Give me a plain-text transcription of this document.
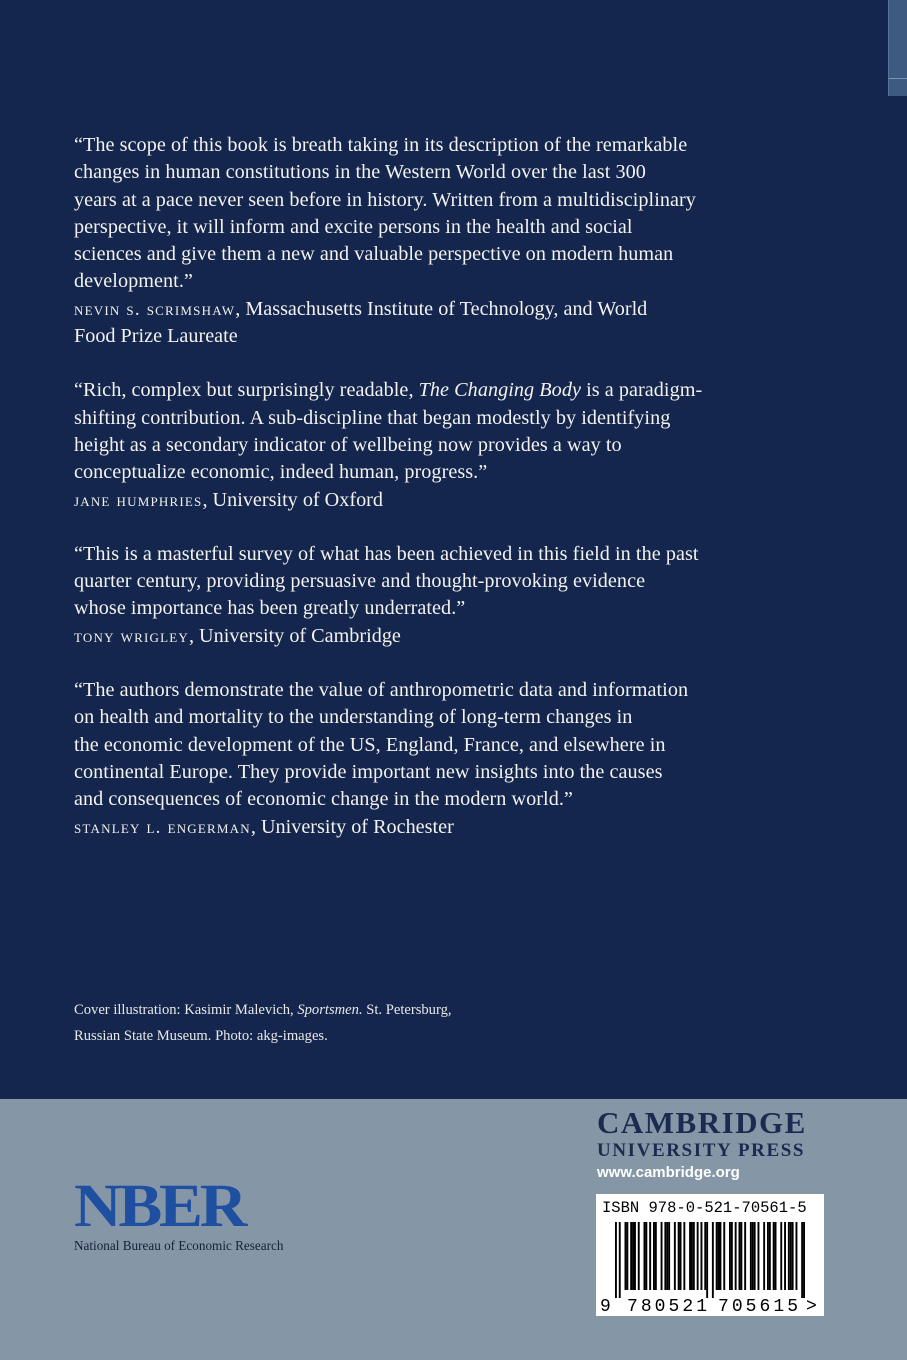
“The scope of this book is breath taking in its description of the remarkable
changes in human constitutions in the Western World over the last 300
years at a pace never seen before in history. Written from a multidisciplinary
perspective, it will inform and excite persons in the health and social
sciences and give them a new and valuable perspective on modern human
development.”

nevin s. scrimshaw, Massachusetts Institute of Technology, and World
Food Prize Laureate

“Rich, complex but surprisingly readable, The Changing Body is a paradigm-
shifting contribution. A sub-discipline that began modestly by identifying
height as a secondary indicator of wellbeing now provides a way to
conceptualize economic, indeed human, progress.”

jane humphries, University of Oxford

“This is a masterful survey of what has been achieved in this field in the past
quarter century, providing persuasive and thought-provoking evidence
whose importance has been greatly underrated.”

tony wrigley, University of Cambridge

“The authors demonstrate the value of anthropometric data and information
on health and mortality to the understanding of long-term changes in
the economic development of the US, England, France, and elsewhere in
continental Europe. They provide important new insights into the causes
and consequences of economic change in the modern world.”

stanley l. engerman, University of Rochester

Cover illustration: Kasimir Malevich, Sportsmen. St. Petersburg,
Russian State Museum. Photo: akg-images.
CAMBRIDGE
UNIVERSITY PRESS
www.cambridge.org
9 780521 705615 >
ISBN 978-0-521-70561-5
NBER
National Bureau of Economic Research
